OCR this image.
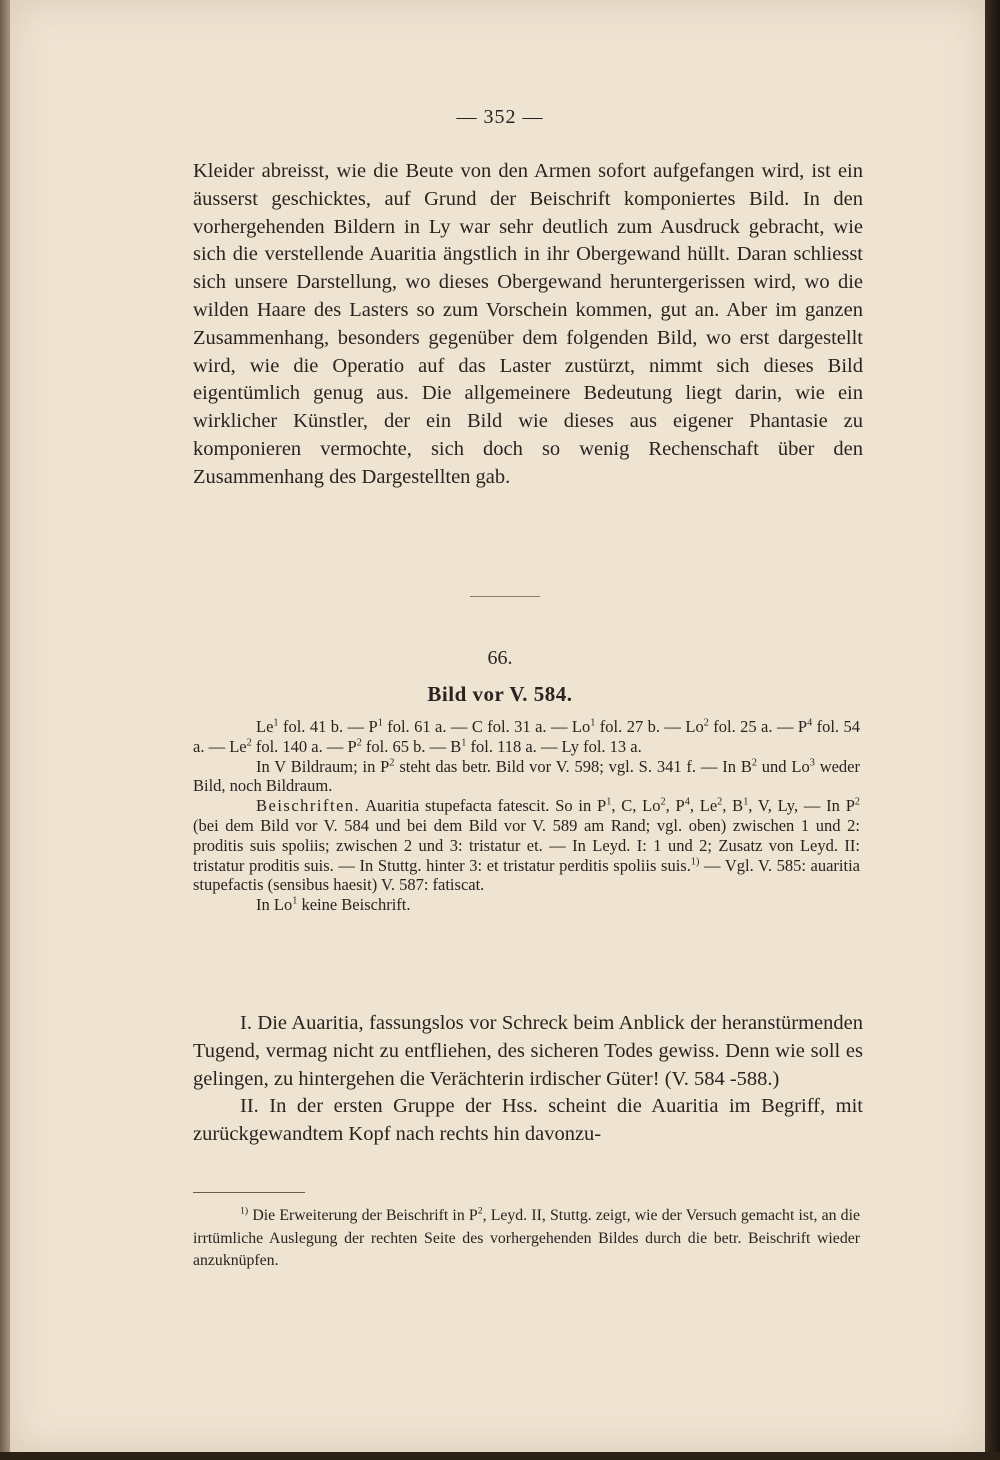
— 352 —

Kleider abreisst, wie die Beute von den Armen sofort aufgefangen wird, ist ein äusserst geschicktes, auf Grund der Beischrift komponiertes Bild. In den vorhergehenden Bildern in Ly war sehr deutlich zum Ausdruck gebracht, wie sich die verstellende Auaritia ängstlich in ihr Obergewand hüllt. Daran schliesst sich unsere Darstellung, wo dieses Obergewand heruntergerissen wird, wo die wilden Haare des Lasters so zum Vorschein kommen, gut an. Aber im ganzen Zusammenhang, besonders gegenüber dem folgenden Bild, wo erst dargestellt wird, wie die Operatio auf das Laster zustürzt, nimmt sich dieses Bild eigentümlich genug aus. Die allgemeinere Bedeutung liegt darin, wie ein wirklicher Künstler, der ein Bild wie dieses aus eigener Phantasie zu komponieren vermochte, sich doch so wenig Rechenschaft über den Zusammenhang des Dargestellten gab.

66.
Bild vor V. 584.

Le$^1$ fol. 41 b. — $P^1$ fol. 61 a. — C fol. 31 a. — Lo$^1$ fol. 27 b. — Lo$^2$ fol. 25 a. — $P^4$ fol. 54 a. — Le$^2$ fol. 140 a. — $P^2$ fol. 65 b. — $B^1$ fol. 118 a. — Ly fol. 13 a.

In V Bildraum; in $P^2$ steht das betr. Bild vor V. 598; vgl. S. 341 f. — In $B^2$ und Lo$^3$ weder Bild, noch Bildraum.

Beischriften. Auaritia stupefacta fatescit. So in $P^1$, C, Lo$^2$, $P^4$, Le$^2$, $B^1$, V, Ly, — In $P^2$ (bei dem Bild vor V. 584 und bei dem Bild vor V. 589 am Rand; vgl. oben) zwischen 1 und 2: proditis suis spoliis; zwischen 2 und 3: tristatur et. — In Leyd. I: 1 und 2; Zusatz von Leyd. II: tristatur proditis suis. — In Stuttg. hinter 3: et tristatur perditis spoliis suis.$^{1)}$ — Vgl. V. 585: auaritia stupefactis (sensibus haesit) V. 587: fatiscat.

In Lo$^1$ keine Beischrift.

I. Die Auaritia, fassungslos vor Schreck beim Anblick der heranstürmenden Tugend, vermag nicht zu entfliehen, des sicheren Todes gewiss. Denn wie soll es gelingen, zu hintergehen die Verächterin irdischer Güter! (V. 584 -588.)

II. In der ersten Gruppe der Hss. scheint die Auaritia im Begriff, mit zurückgewandtem Kopf nach rechts hin davonzu-

$^{1)}$ Die Erweiterung der Beischrift in $P^2$, Leyd. II, Stuttg. zeigt, wie der Versuch gemacht ist, an die irrtümliche Auslegung der rechten Seite des vorhergehenden Bildes durch die betr. Beischrift wieder anzuknüpfen.
